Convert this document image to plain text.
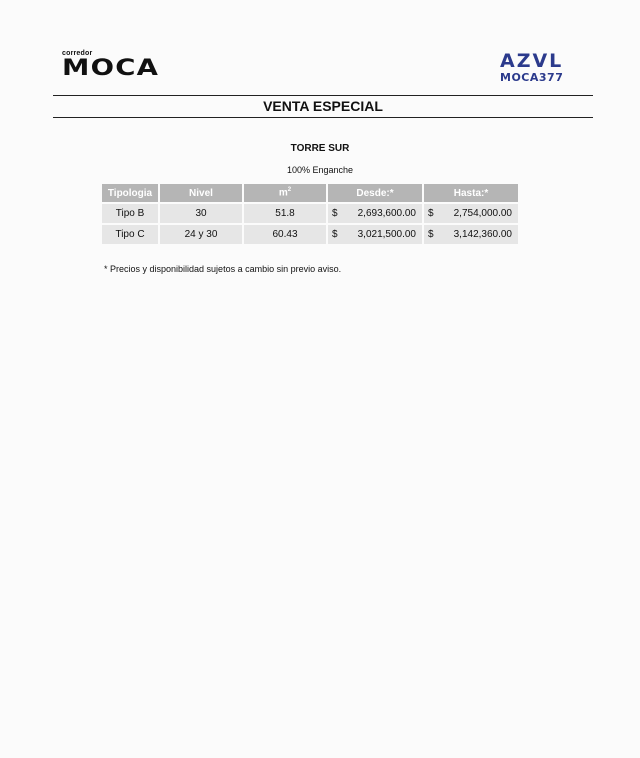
corredor
MOCA	AZVL
MOCA377
VENTA ESPECIAL
TORRE SUR
100% Enganche
Tipologia	Nivel	$m^2$	Desde:*	Hasta:*
Tipo B	30	51.8	$ 2,693,600.00	$ 2,754,000.00
Tipo C	24 y 30	60.43	$ 3,021,500.00	$ 3,142,360.00
* Precios y disponibilidad sujetos a cambio sin previo aviso.
